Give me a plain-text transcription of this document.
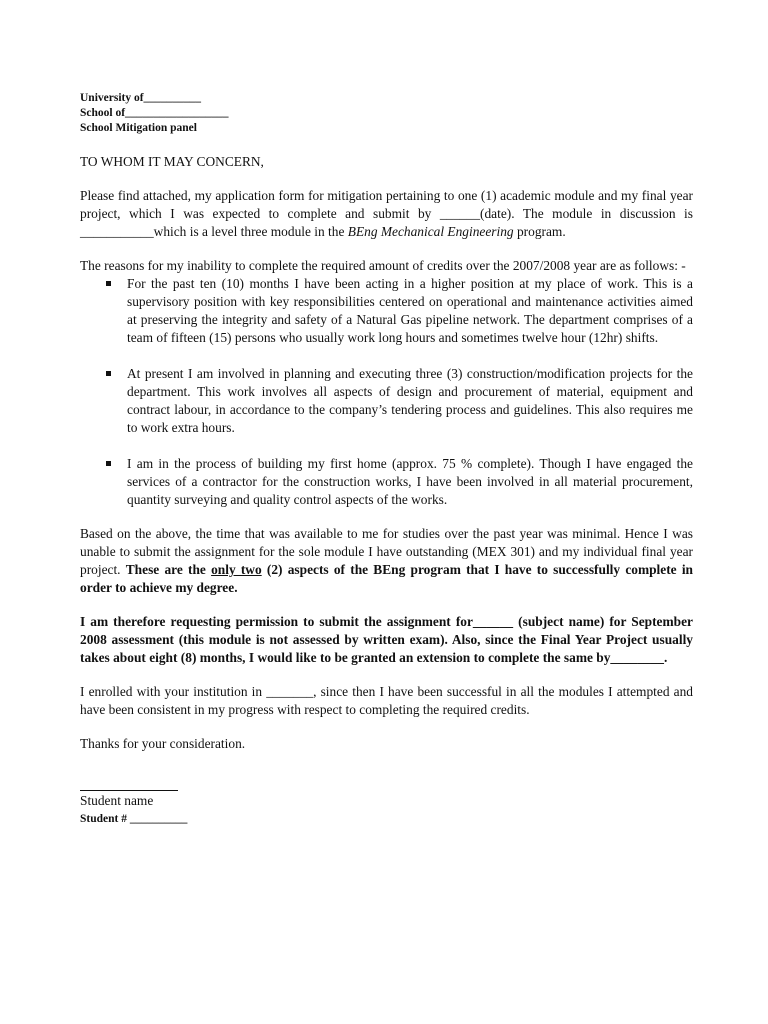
University of__________
School of__________________
School Mitigation panel

TO WHOM IT MAY CONCERN,

Please find attached, my application form for mitigation pertaining to one (1) academic module and my final year project, which I was expected to complete and submit by ______(date). The module in discussion is ___________which is a level three module in the BEng Mechanical Engineering program.

The reasons for my inability to complete the required amount of credits over the 2007/2008 year are as follows: -

For the past ten (10) months I have been acting in a higher position at my place of work. This is a supervisory position with key responsibilities centered on operational and maintenance activities aimed at preserving the integrity and safety of a Natural Gas pipeline network. The department comprises of a team of fifteen (15) persons who usually work long hours and sometimes twelve hour (12hr) shifts.
At present I am involved in planning and executing three (3) construction/modification projects for the department. This work involves all aspects of design and procurement of material, equipment and contract labour, in accordance to the company’s tendering process and guidelines. This also requires me to work extra hours.
I am in the process of building my first home (approx. 75 % complete). Though I have engaged the services of a contractor for the construction works, I have been involved in all material procurement, quantity surveying and quality control aspects of the works.

Based on the above, the time that was available to me for studies over the past year was minimal. Hence I was unable to submit the assignment for the sole module I have outstanding (MEX 301) and my individual final year project. These are the only two (2) aspects of the BEng program that I have to successfully complete in order to achieve my degree.

I am therefore requesting permission to submit the assignment for______ (subject name) for September 2008 assessment (this module is not assessed by written exam). Also, since the Final Year Project usually takes about eight (8) months, I would like to be granted an extension to complete the same by________.

I enrolled with your institution in _______, since then I have been successful in all the modules I attempted and have been consistent in my progress with respect to completing the required credits.

Thanks for your consideration.

Student name
Student # __________
